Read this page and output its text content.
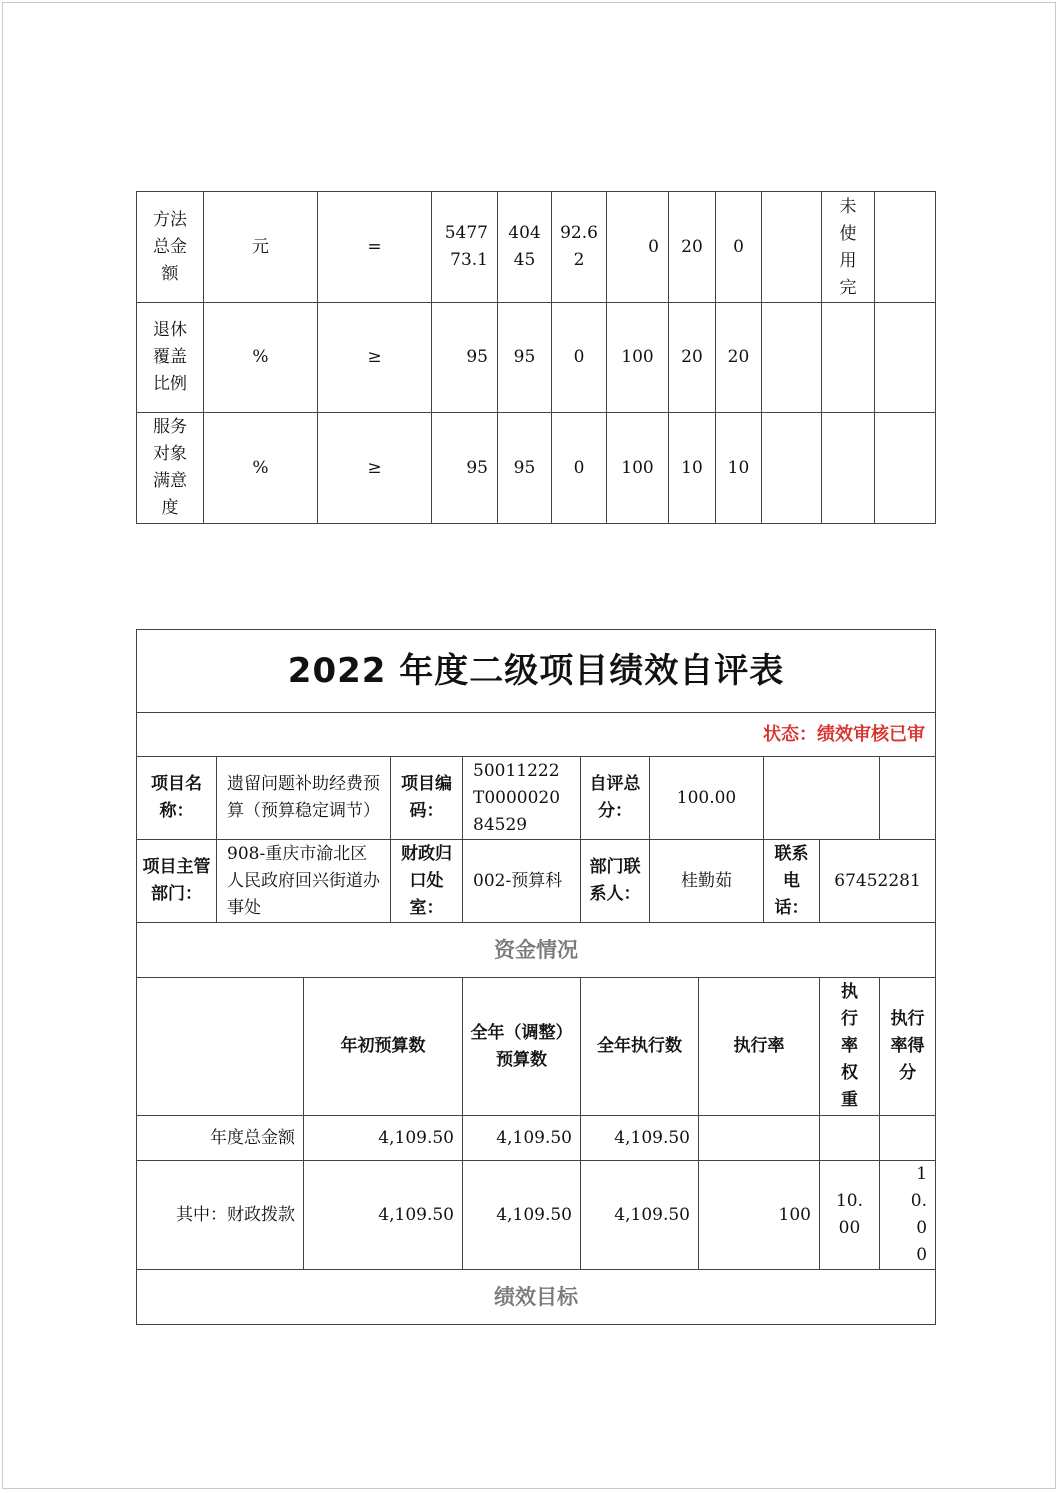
方法总金额	元	=	547773.1	40445	92.62	0	20	0		未使用完	
退休覆盖比例	%	≥	95	95	0	100	20	20			
服务对象满意度	%	≥	95	95	0	100	10	10			
2022 年度二级项目绩效自评表										
状态：绩效审核已审										
项目名称：	遗留问题补助经费预算（预算稳定调节）		项目编码：	50011222T000002084529	自评总分：	100.00				
项目主管部门：	908-重庆市渝北区人民政府回兴街道办事处		财政归口处室：	002-预算科	部门联系人：	桂勤茹		联系电话：	67452281	
资金情况										
		年初预算数		全年（调整）预算数	全年执行数		执行率		执行率权重	执行率得分
年度总金额		4,109.50		4,109.50	4,109.50					
其中：财政拨款		4,109.50		4,109.50	4,109.50		100		10.00	10.00
绩效目标										
